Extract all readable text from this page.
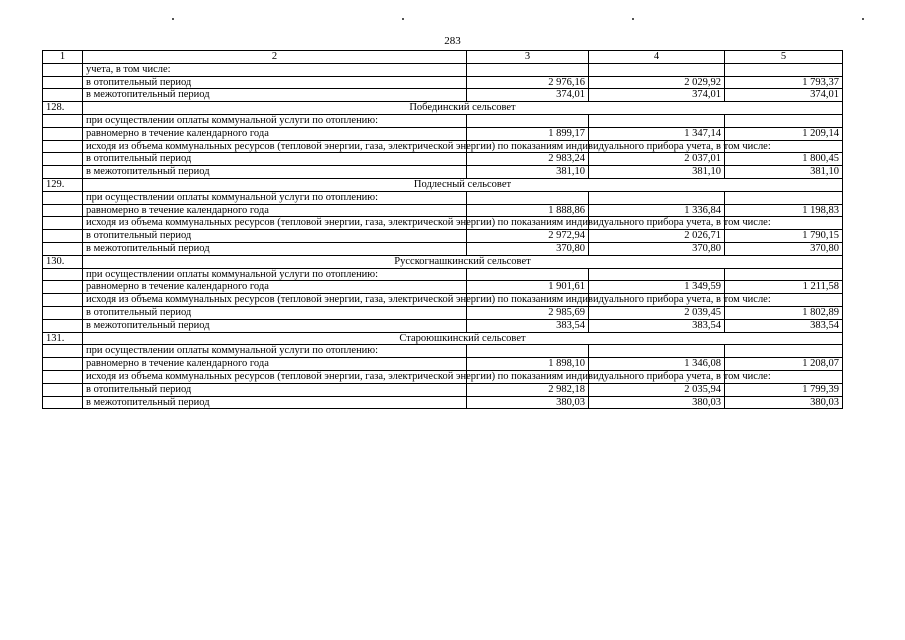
283
1	2	3	4	5
	учета, в том числе:			
	в отопительный период	2 976,16	2 029,92	1 793,37
	в межотопительный период	374,01	374,01	374,01
128.	Побединский сельсовет			
	при осуществлении оплаты коммунальной услуги по отоплению:			
	равномерно в течение календарного года	1 899,17	1 347,14	1 209,14
	исходя из объема коммунальных ресурсов (тепловой энергии, газа, электрической энергии) по показаниям индивидуального прибора учета, в том числе:			
	в отопительный период	2 983,24	2 037,01	1 800,45
	в межотопительный период	381,10	381,10	381,10
129.	Подлесный сельсовет			
	при осуществлении оплаты коммунальной услуги по отоплению:			
	равномерно в течение календарного года	1 888,86	1 336,84	1 198,83
	исходя из объема коммунальных ресурсов (тепловой энергии, газа, электрической энергии) по показаниям индивидуального прибора учета, в том числе:			
	в отопительный период	2 972,94	2 026,71	1 790,15
	в межотопительный период	370,80	370,80	370,80
130.	Русскогнашкинский сельсовет			
	при осуществлении оплаты коммунальной услуги по отоплению:			
	равномерно в течение календарного года	1 901,61	1 349,59	1 211,58
	исходя из объема коммунальных ресурсов (тепловой энергии, газа, электрической энергии) по показаниям индивидуального прибора учета, в том числе:			
	в отопительный период	2 985,69	2 039,45	1 802,89
	в межотопительный период	383,54	383,54	383,54
131.	Староюшкинский сельсовет			
	при осуществлении оплаты коммунальной услуги по отоплению:			
	равномерно в течение календарного года	1 898,10	1 346,08	1 208,07
	исходя из объема коммунальных ресурсов (тепловой энергии, газа, электрической энергии) по показаниям индивидуального прибора учета, в том числе:			
	в отопительный период	2 982,18	2 035,94	1 799,39
	в межотопительный период	380,03	380,03	380,03
